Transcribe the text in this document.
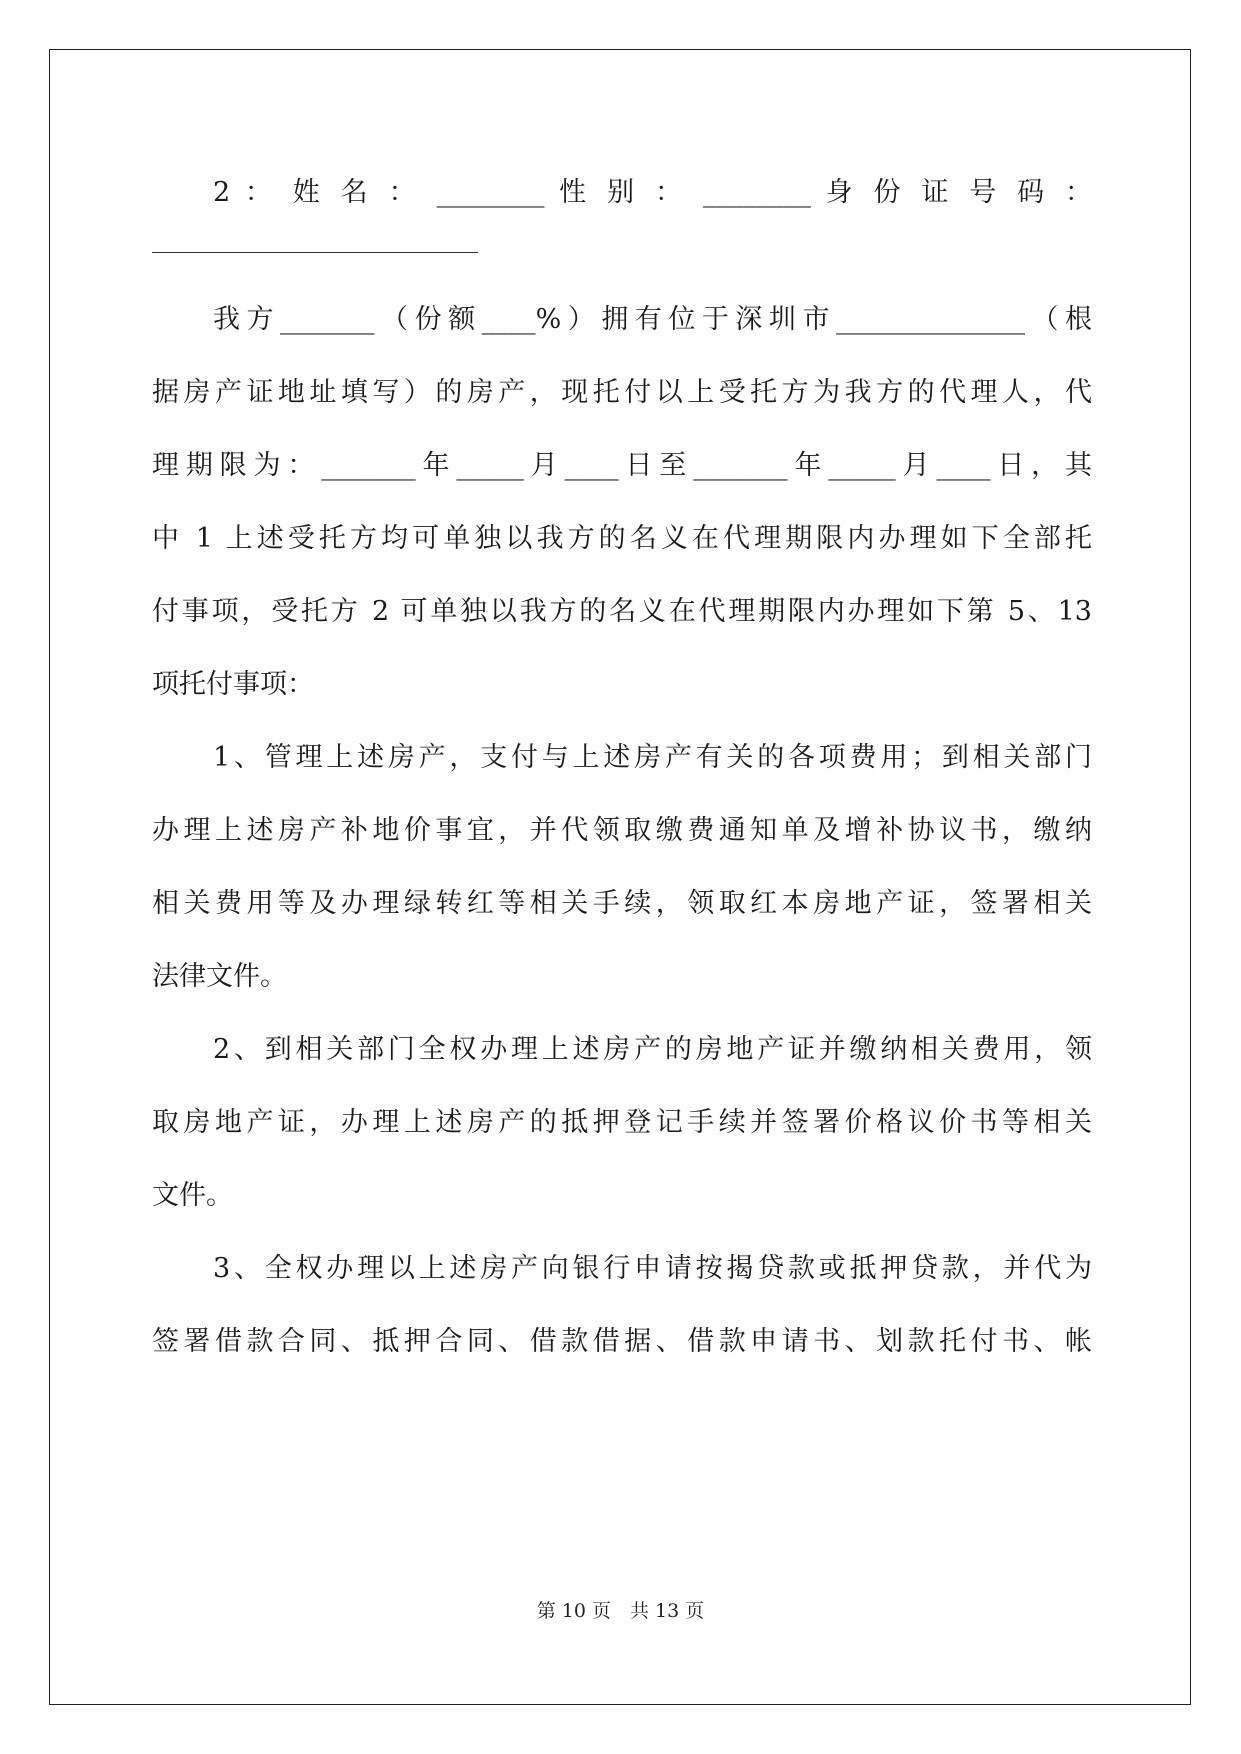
2 ： 姓 名 ： ________ 性 别 ： ________ 身 份 证 号 码 ：
我方_______（份额____%）拥有位于深圳市______________（根
据房产证地址填写）的房产，现托付以上受托方为我方的代理人，代
理期限为：_______年_____月____日至_______年_____月____日，其
中 1 上述受托方均可单独以我方的名义在代理期限内办理如下全部托
付事项，受托方 2 可单独以我方的名义在代理期限内办理如下第 5、13
项托付事项：
1、管理上述房产，支付与上述房产有关的各项费用；到相关部门
办理上述房产补地价事宜，并代领取缴费通知单及增补协议书，缴纳
相关费用等及办理绿转红等相关手续，领取红本房地产证，签署相关
法律文件。
2、到相关部门全权办理上述房产的房地产证并缴纳相关费用，领
取房地产证，办理上述房产的抵押登记手续并签署价格议价书等相关
文件。
3、全权办理以上述房产向银行申请按揭贷款或抵押贷款，并代为
签署借款合同、抵押合同、借款借据、借款申请书、划款托付书、帐
第 10 页　 共 13 页
